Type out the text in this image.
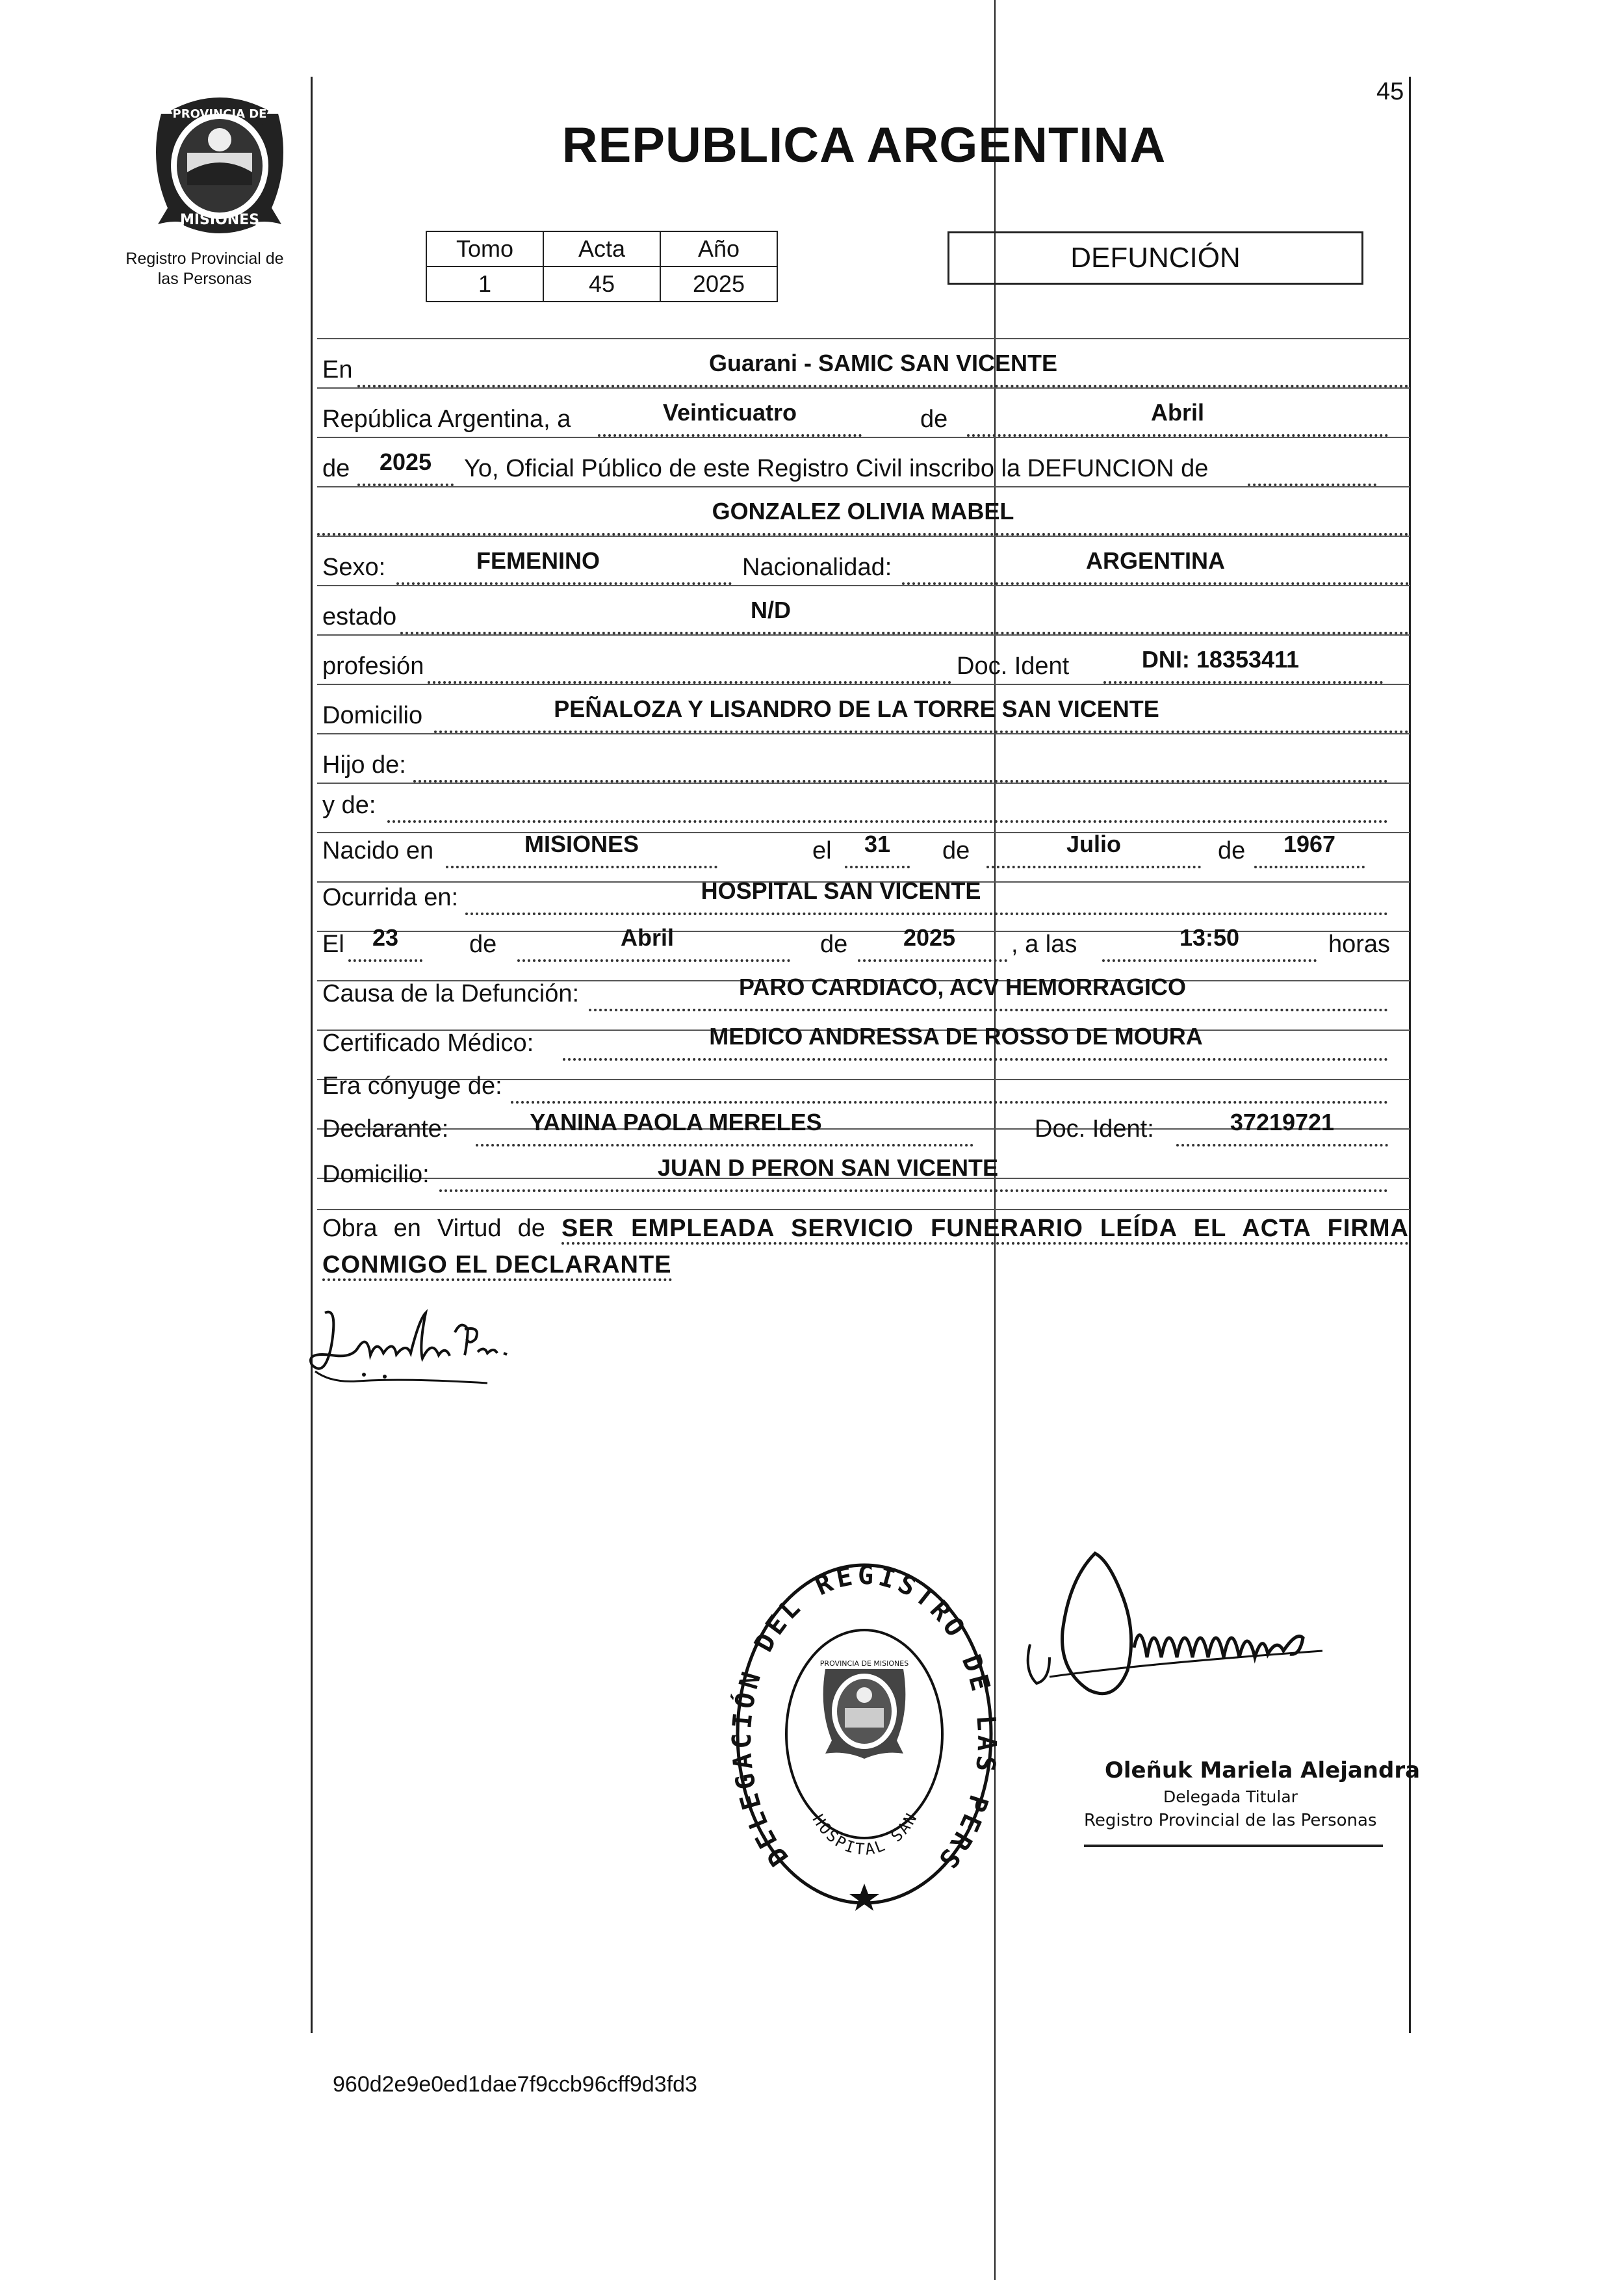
45
PROVINCIA DE
MISIONES
Registro Provincial de
las Personas
REPUBLICA ARGENTINA
Tomo	Acta	Año
1	45	2025
DEFUNCIÓN
En	Guarani - SAMIC SAN VICENTE
República Argentina, a	Veinticuatro	de	Abril
de	2025	Yo, Oficial Público de este Registro Civil inscribo la DEFUNCION de
GONZALEZ OLIVIA MABEL
Sexo:	FEMENINO	Nacionalidad:	ARGENTINA
estado	N/D
profesión	Doc. Ident	DNI: 18353411
Domicilio	PEÑALOZA Y LISANDRO DE LA TORRE SAN VICENTE
Hijo de:
y de:
Nacido en	MISIONES	el	31	de	Julio	de	1967
Ocurrida en:	HOSPITAL SAN VICENTE
El	23	de	Abril	de	2025	, a las	13:50	horas
Causa de la Defunción:	PARO CARDIACO, ACV HEMORRAGICO
Certificado Médico:	MEDICO ANDRESSA DE ROSSO DE MOURA
Era cónyuge de:
Declarante:	YANINA PAOLA MERELES	Doc. Ident:	37219721
Domicilio:	JUAN D PERON SAN VICENTE
Obra en Virtud de SER EMPLEADA SERVICIO FUNERARIO LEÍDA EL ACTA FIRMA CONMIGO EL DECLARANTE
DELEGACIÓN DEL REGISTRO DE LAS PERS
HOSPITAL SAN
PROVINCIA DE MISIONES
Oleñuk Mariela Alejandra
Delegada Titular
Registro Provincial de las Personas
960d2e9e0ed1dae7f9ccb96cff9d3fd3
